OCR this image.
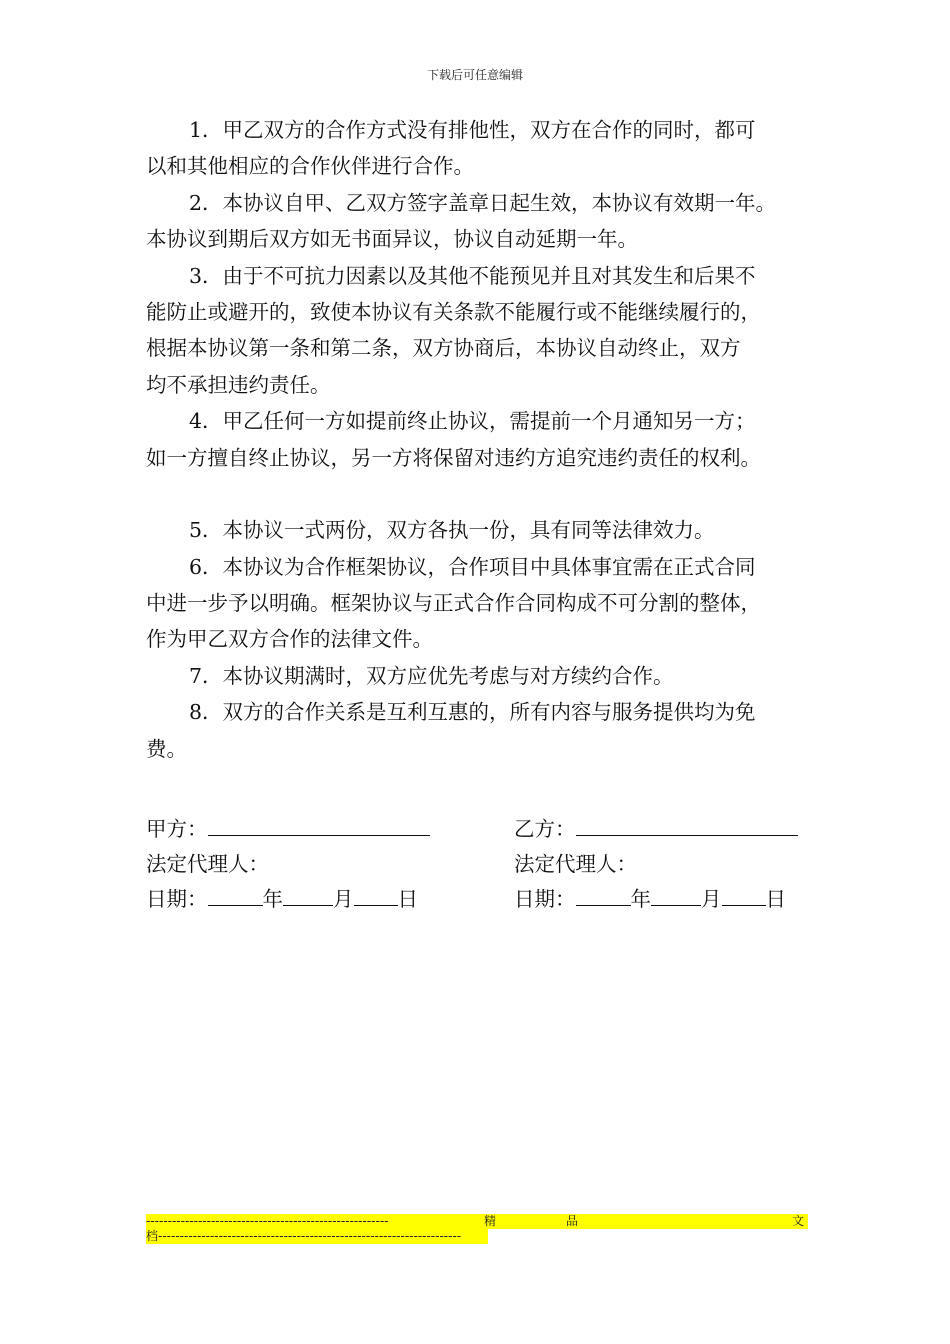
下载后可任意编辑
1．甲乙双方的合作方式没有排他性，双方在合作的同时，都可
以和其他相应的合作伙伴进行合作。
2．本协议自甲、乙双方签字盖章日起生效，本协议有效期一年。
本协议到期后双方如无书面异议，协议自动延期一年。
3．由于不可抗力因素以及其他不能预见并且对其发生和后果不
能防止或避开的，致使本协议有关条款不能履行或不能继续履行的，
根据本协议第一条和第二条，双方协商后，本协议自动终止，双方
均不承担违约责任。
4．甲乙任何一方如提前终止协议，需提前一个月通知另一方；
如一方擅自终止协议，另一方将保留对违约方追究违约责任的权利。
5．本协议一式两份，双方各执一份，具有同等法律效力。
6．本协议为合作框架协议，合作项目中具体事宜需在正式合同
中进一步予以明确。框架协议与正式合作合同构成不可分割的整体，
作为甲乙双方合作的法律文件。
7．本协议期满时，双方应优先考虑与对方续约合作。
8．双方的合作关系是互利互惠的，所有内容与服务提供均为免
费。
甲方：
法定代理人：
日期：	年 月 日
乙方：
法定代理人：
日期：	年 月 日
--------------------------------------------------------	精	品	文
档----------------------------------------------------------------------
